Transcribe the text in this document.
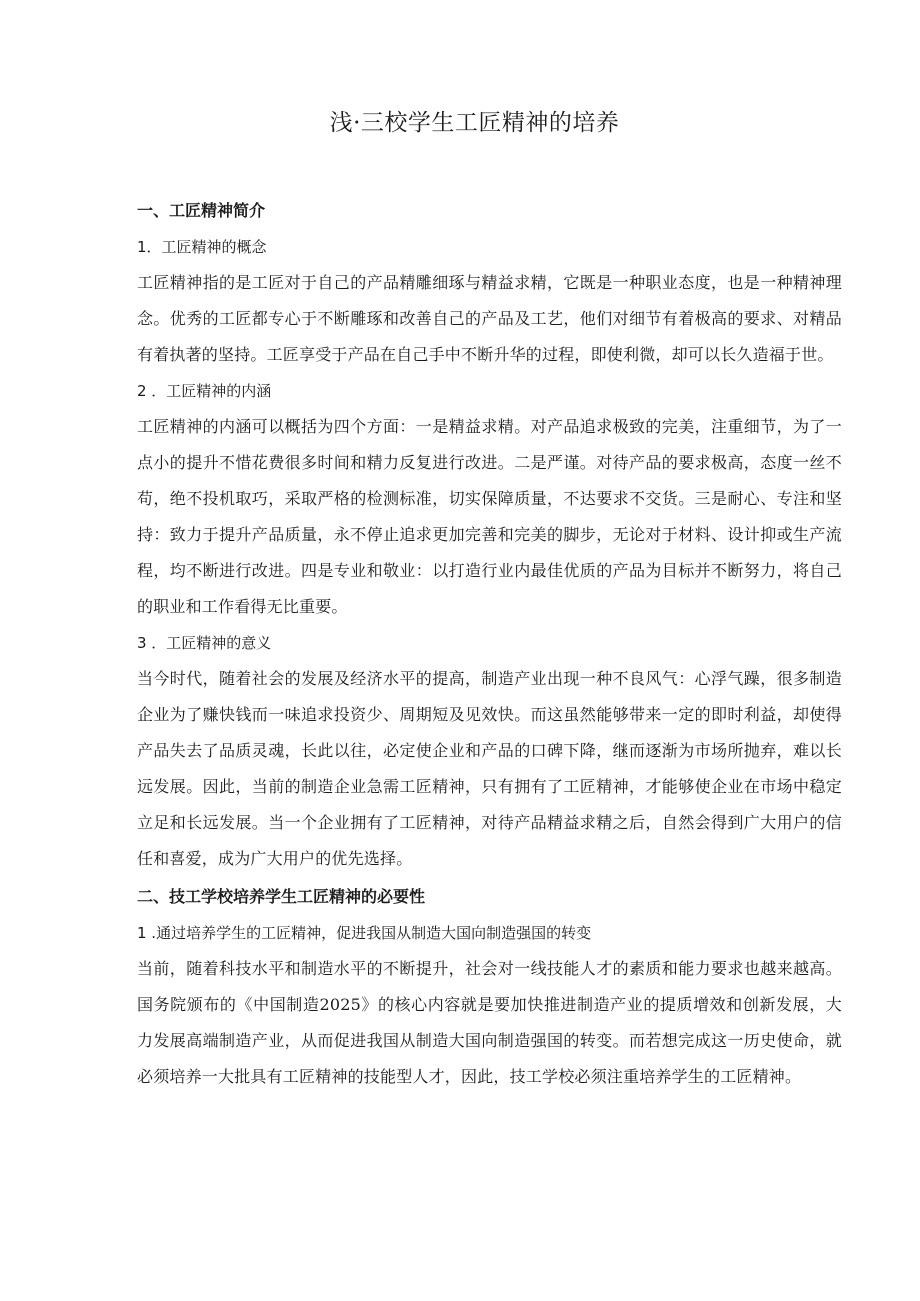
浅·三校学生工匠精神的培养

一、工匠精神简介

1．工匠精神的概念

工匠精神指的是工匠对于自己的产品精雕细琢与精益求精，它既是一种职业态度，也是一种精神理念。优秀的工匠都专心于不断雕琢和改善自己的产品及工艺，他们对细节有着极高的要求、对精品有着执著的坚持。工匠享受于产品在自己手中不断升华的过程，即使利微，却可以长久造福于世。

2 ．工匠精神的内涵

工匠精神的内涵可以概括为四个方面：一是精益求精。对产品追求极致的完美，注重细节，为了一点小的提升不惜花费很多时间和精力反复进行改进。二是严谨。对待产品的要求极高，态度一丝不苟，绝不投机取巧，采取严格的检测标准，切实保障质量，不达要求不交货。三是耐心、专注和坚持：致力于提升产品质量，永不停止追求更加完善和完美的脚步，无论对于材料、设计抑或生产流程，均不断进行改进。四是专业和敬业：以打造行业内最佳优质的产品为目标并不断努力，将自己的职业和工作看得无比重要。

3 ．工匠精神的意义

当今时代，随着社会的发展及经济水平的提高，制造产业出现一种不良风气：心浮气躁，很多制造企业为了赚快钱而一味追求投资少、周期短及见效快。而这虽然能够带来一定的即时利益，却使得产品失去了品质灵魂，长此以往，必定使企业和产品的口碑下降，继而逐渐为市场所抛弃，难以长远发展。因此，当前的制造企业急需工匠精神，只有拥有了工匠精神，才能够使企业在市场中稳定立足和长远发展。当一个企业拥有了工匠精神，对待产品精益求精之后，自然会得到广大用户的信任和喜爱，成为广大用户的优先选择。

二、技工学校培养学生工匠精神的必要性

1 .通过培养学生的工匠精神，促进我国从制造大国向制造强国的转变

当前，随着科技水平和制造水平的不断提升，社会对一线技能人才的素质和能力要求也越来越高。国务院颁布的《中国制造2025》的核心内容就是要加快推进制造产业的提质增效和创新发展，大力发展高端制造产业，从而促进我国从制造大国向制造强国的转变。而若想完成这一历史使命，就必须培养一大批具有工匠精神的技能型人才，因此，技工学校必须注重培养学生的工匠精神。
